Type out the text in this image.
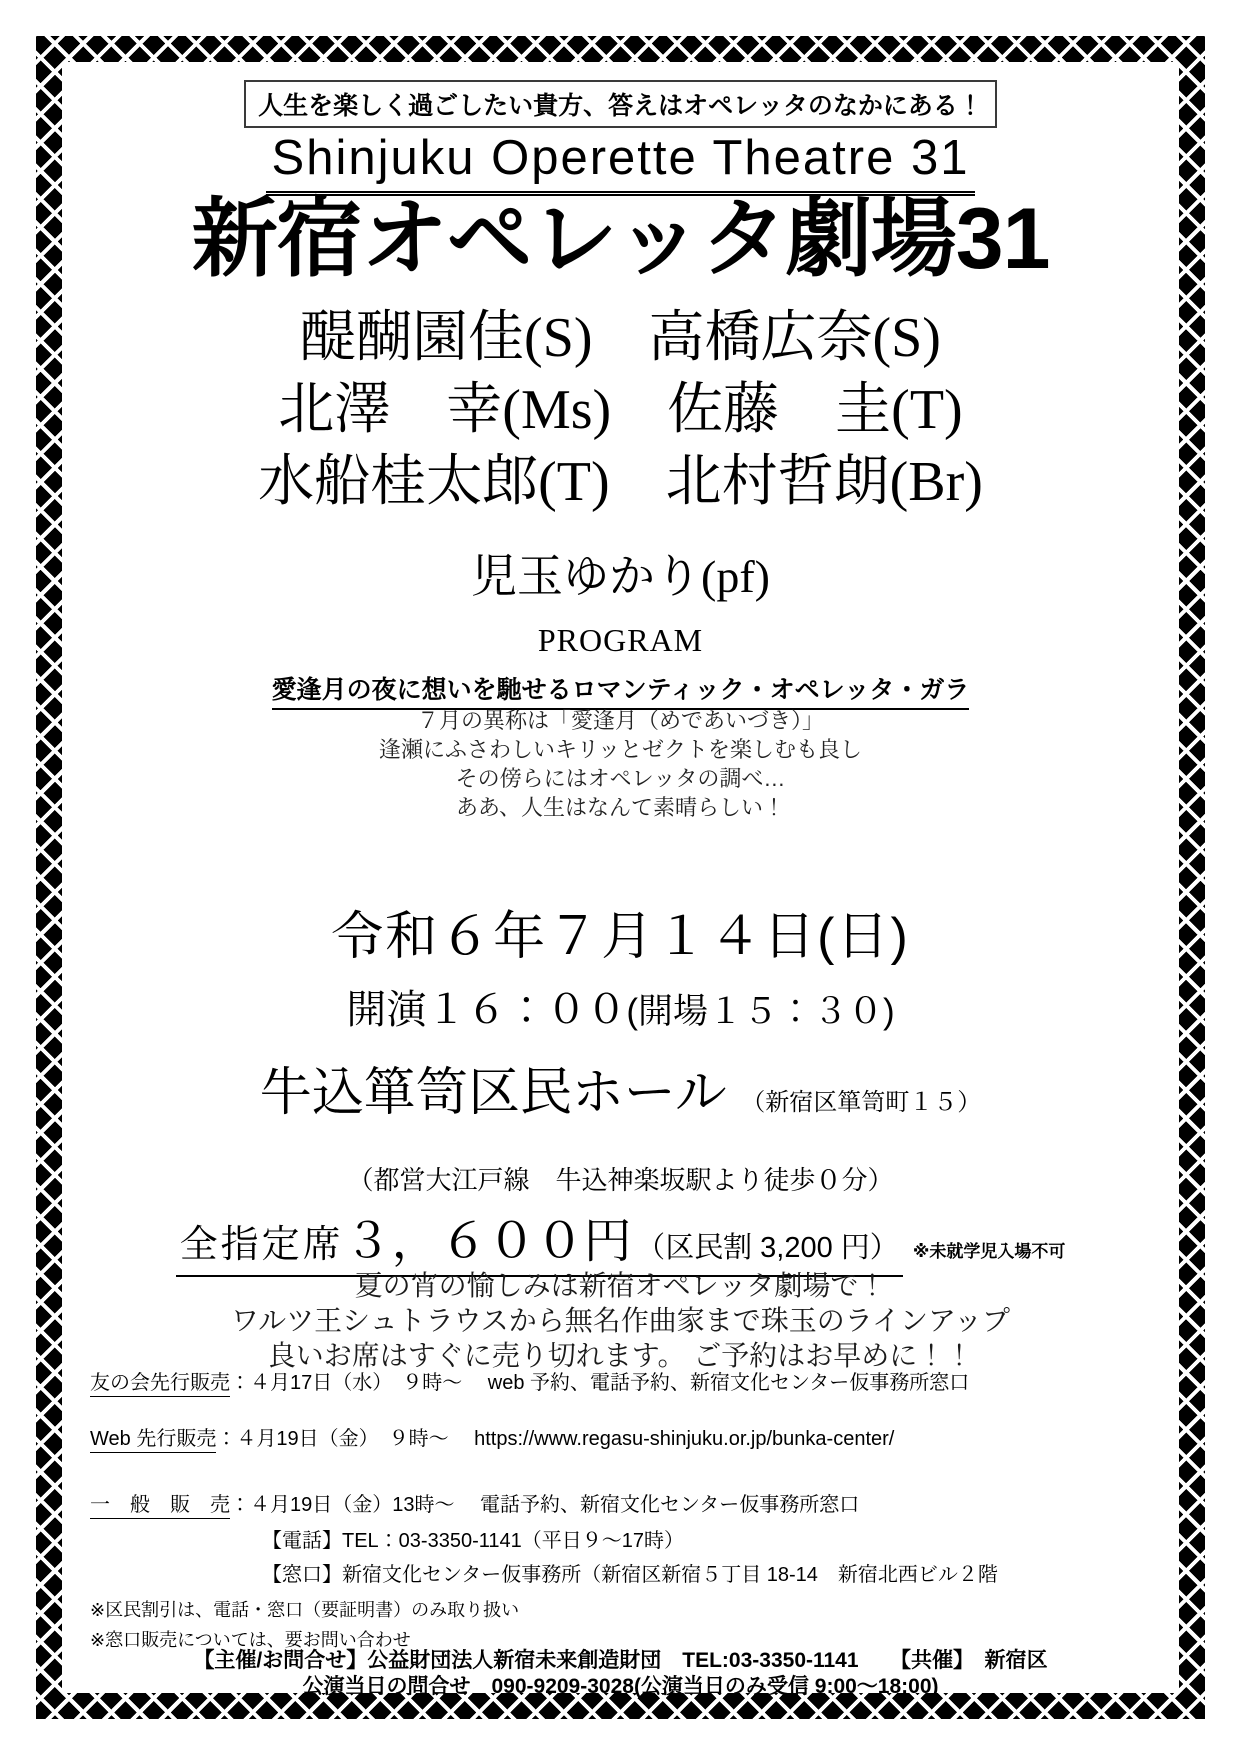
人生を楽しく過ごしたい貴方、答えはオペレッタのなかにある！
Shinjuku Operette Theatre 31
新宿オペレッタ劇場31
醍醐園佳(S)　高橋広奈(S)
北澤　幸(Ms)　佐藤　圭(T)
水船桂太郎(T)　北村哲朗(Br)
児玉ゆかり(pf)
PROGRAM
愛逢月の夜に想いを馳せるロマンティック・オペレッタ・ガラ
７月の異称は「愛逢月（めであいづき）」
逢瀬にふさわしいキリッとゼクトを楽しむも良し
その傍らにはオペレッタの調べ…
ああ、人生はなんて素晴らしい！
令和６年７月１４日(日)
開演１６：００(開場１５：３０)
牛込箪笥区民ホール （新宿区箪笥町１５）
（都営大江戸線　牛込神楽坂駅より徒歩０分）
全指定席３，６００円 （区民割 3,200 円） ※未就学児入場不可
夏の宵の愉しみは新宿オペレッタ劇場で！
ワルツ王シュトラウスから無名作曲家まで珠玉のラインアップ
良いお席はすぐに売り切れます。 ご予約はお早めに！！
友の会先行販売：４月17日（水）　９時～　 web 予約、電話予約、新宿文化センター仮事務所窓口
Web 先行販売：４月19日（金）　９時～　 https://www.regasu-shinjuku.or.jp/bunka-center/
一　般　販　売：４月19日（金）13時～　 電話予約、新宿文化センター仮事務所窓口
【電話】TEL：03-3350-1141（平日９～17時）
【窓口】新宿文化センター仮事務所（新宿区新宿５丁目 18-14　新宿北西ビル２階
※区民割引は、電話・窓口（要証明書）のみ取り扱い
※窓口販売については、要お問い合わせ
【主催/お問合せ】公益財団法人新宿未来創造財団　TEL:03-3350-1141　　【共催】　新宿区
公演当日の問合せ　090-9209-3028(公演当日のみ受信 9:00～18:00)
